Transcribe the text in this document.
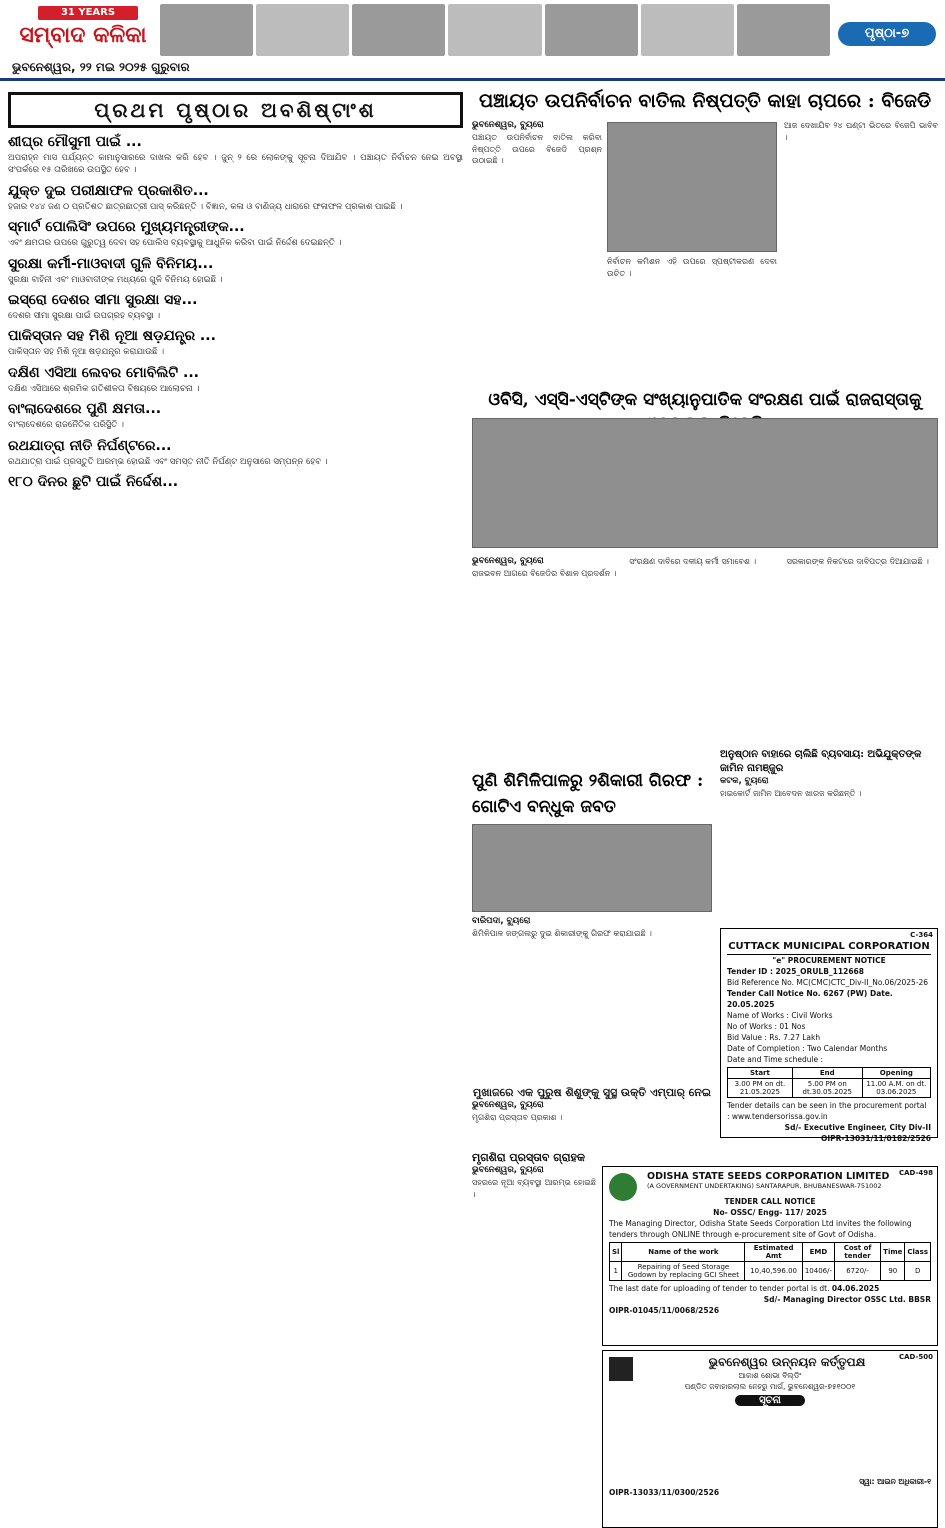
31 YEARS
ସମ୍ବାଦ କଳିକା
ଭୁବନେଶ୍ୱର, ୨୨ ମଇ ୨୦୨୫ ଗୁରୁବାର
ପୃଷ୍ଠା-୭
ପ୍ରଥମ ପୃଷ୍ଠାର ଅବଶିଷ୍ଟାଂଶ
ଶୀଘ୍ର ମୌସୁମୀ ପାଇଁ ...
ଅପରାହ୍ନ ମାସ ପର୍ଯ୍ୟନ୍ତ କାମାନୁସାରରେ ଦାଖଲ କରି ହେବ । ଜୁନ୍ ୨ ରେ ଲୋକଙ୍କୁ ସୂଚନା ଦିଆଯିବ । ପଞ୍ଚାୟତ ନିର୍ବାଚନ ନେଇ ଅବସ୍ଥା ସଂପର୍କରେ ୧୫ ତାରିଖରେ ଉପସ୍ଥିତ ହେବ ।
ଯୁକ୍ତ ଦୁଇ ପରୀକ୍ଷାଫଳ ପ୍ରକାଶିତ...
ହଜାର ୧୪୪ ଜଣ ୦ ପ୍ରତିଶତ ଛାତ୍ରଛାତ୍ରୀ ପାସ୍ କରିଛନ୍ତି । ବିଜ୍ଞାନ, କଳା ଓ ବାଣିଜ୍ୟ ଧାରାରେ ଫଳାଫଳ ପ୍ରକାଶ ପାଇଛି ।
ସ୍ମାର୍ଟ ପୋଲିସିଂ ଉପରେ ମୁଖ୍ୟମନ୍ତ୍ରୀଙ୍କ...
ଏବଂ କ୍ଷମତାର ଉପରେ ଗୁରୁତ୍ୱ ଦେବା ସହ ପୋଲିସ ବ୍ୟବସ୍ଥାକୁ ଆଧୁନିକ କରିବା ପାଇଁ ନିର୍ଦ୍ଦେଶ ଦେଇଛନ୍ତି ।
ସୁରକ୍ଷା କର୍ମୀ-ମାଓବାଦୀ ଗୁଳି ବିନିମୟ...
ସୁରକ୍ଷା ବାହିନୀ ଏବଂ ମାଓବାଦୀଙ୍କ ମଧ୍ୟରେ ଗୁଳି ବିନିମୟ ହୋଇଛି ।
ଇସ୍ରୋ ଦେଶର ସୀମା ସୁରକ୍ଷା ସହ...
ଦେଶର ସୀମା ସୁରକ୍ଷା ପାଇଁ ଉପଗ୍ରହ ବ୍ୟବସ୍ଥା ।
ପାକିସ୍ତାନ ସହ ମିଶି ନୂଆ ଷଡ଼ଯନ୍ତ୍ର ...
ପାକିସ୍ତାନ ସହ ମିଶି ନୂଆ ଷଡ଼ଯନ୍ତ୍ର କରାଯାଉଛି ।
ଦକ୍ଷିଣ ଏସିଆ ଲେବର ମୋବିଲିଟି ...
ଦକ୍ଷିଣ ଏସିଆରେ ଶ୍ରମିକ ଗତିଶୀଳତା ବିଷୟରେ ଆଲୋଚନା ।
ବାଂଲାଦେଶରେ ପୁଣି କ୍ଷମତା...
ବାଂଲାଦେଶରେ ରାଜନୈତିକ ପରିସ୍ଥିତି ।
ରଥଯାତ୍ରା ନୀତି ନିର୍ଘଣ୍ଟରେ...
ରଥଯାତ୍ରା ପାଇଁ ପ୍ରସ୍ତୁତି ଆରମ୍ଭ ହୋଇଛି ଏବଂ ସମସ୍ତ ନୀତି ନିର୍ଘଣ୍ଟ ଅନୁସାରେ ସମ୍ପନ୍ନ ହେବ ।
୧୮୦ ଦିନର ଛୁଟି ପାଇଁ ନିର୍ଦ୍ଦେଶ...
ପଞ୍ଚାୟତ ଉପନିର୍ବାଚନ ବାତିଲ ନିଷ୍ପତ୍ତି କାହା ଚାପରେ : ବିଜେଡି
ଭୁବନେଶ୍ୱର, ବ୍ୟୁରୋ
ପଞ୍ଚାୟତ ଉପନିର୍ବାଚନ ବାତିଲ କରିବା ନିଷ୍ପତ୍ତି ଉପରେ ବିଜେଡି ପ୍ରଶ୍ନ ଉଠାଇଛି ।
ନିର୍ବାଚନ କମିଶନ ଏହି ଉପରେ ସ୍ପଷ୍ଟୀକରଣ ଦେବା ଉଚିତ ।
ଆଜ ଦେଖାଯିବ ୨୪ ଘଣ୍ଟା ଭିତରେ ବିଜେପି ଭାବିବ ।
ଓବିସି, ଏସ୍ସି-ଏସ୍ଟିଙ୍କ ସଂଖ୍ୟାନୁପାତିକ ସଂରକ୍ଷଣ ପାଇଁ ରାଜରାସ୍ତାକୁ
ଭୁବନେଶ୍ୱର, ବ୍ୟୁରୋ
ରାଜଭବନ ଆଗରେ ବିଜେଡିର ବିଶାଳ ପ୍ରଦର୍ଶନ ।
ସଂରକ୍ଷଣ ଦାବିରେ ଦଳୀୟ କର୍ମୀ ସମାବେଶ ।	ସରକାରଙ୍କ ନିକଟରେ ଦାବିପତ୍ର ଦିଆଯାଇଛି ।
ଅନୁଷ୍ଠାନ ବାହାରେ ଚାଲିଛି ବ୍ୟବସାୟ: ଅଭିଯୁକ୍ତଙ୍କ ଜାମିନ ନାମଞ୍ଜୁର
କଟକ, ବ୍ୟୁରୋ
ହାଇକୋର୍ଟ ଜାମିନ ଆବେଦନ ଖାରଜ କରିଛନ୍ତି ।
ପୁଣି ଶିମିଳିପାଳରୁ ୨ଶିକାରୀ ଗିରଫ : ଗୋଟିଏ ବନ୍ଧୁକ ଜବତ
ବାରିପଦା, ବ୍ୟୁରୋ
ଶିମିଳିପାଳ ଜଙ୍ଗଲରୁ ଦୁଇ ଶିକାରୀଙ୍କୁ ଗିରଫ କରାଯାଇଛି ।
ମୁଖାଜରେ ଏକ ପୁରୁଷ ଶିଶୁଙ୍କୁ ସୁସ୍ଥ ଉକ୍ତି ଏମ୍ପାର୍ ନେଇ
ଭୁବନେଶ୍ୱର, ବ୍ୟୁରୋ
ମୃଗଶିରା ପ୍ରସ୍ତାବ ପ୍ରକାଶ ।
C-364
CUTTACK MUNICIPAL CORPORATION
"e" PROCUREMENT NOTICE
Tender ID : 2025_ORULB_112668
Bid Reference No. MC(CMC)CTC_Div-II_No.06/2025-26
Tender Call Notice No. 6267 (PW) Date. 20.05.2025
Name of Works : Civil Works
No of Works : 01 Nos
Bid Value : Rs. 7.27 Lakh
Date of Completion : Two Calendar Months
Date and Time schedule :
Start	End	Opening
3.00 PM on dt. 21.05.2025	5.00 PM on dt.30.05.2025	11.00 A.M. on dt. 03.06.2025
Tender details can be seen in the procurement portal : www.tendersorissa.gov.in
Sd/- Executive Engineer, City Div-II
OIPR-13031/11/0182/2526
ମୃଗଶିରା ପ୍ରସ୍ତାବ ଗ୍ରାହକ
ଭୁବନେଶ୍ୱର, ବ୍ୟୁରୋ
ସହରରେ ନୂଆ ବ୍ୟବସ୍ଥା ଆରମ୍ଭ ହୋଇଛି ।
CAD-498
ODISHA STATE SEEDS CORPORATION LIMITED
(A GOVERNMENT UNDERTAKING) SANTARAPUR, BHUBANESWAR-751002
TENDER CALL NOTICE
No- OSSC/ Engg- 117/ 2025
The Managing Director, Odisha State Seeds Corporation Ltd invites the following tenders through ONLINE through e-procurement site of Govt of Odisha.
Sl	Name of the work	Estimated Amt	EMD	Cost of tender	Time	Class
1	Repairing of Seed Storage Godown by replacing GCI Sheet	10,40,596.00	10406/-	6720/-	90	D
The last date for uploading of tender to tender portal is dt. 04.06.2025
Sd/- Managing Director OSSC Ltd. BBSR
OIPR-01045/11/0068/2526
CAD-500
ଭୁବନେଶ୍ୱର ଉନ୍ନୟନ କର୍ତ୍ତୃପକ୍ଷ
ଆକାଶ ଶୋଭା ବିଲ୍ଡିଂ
ପଣ୍ଡିତ ଜବାହାରଲାଲ ନେହରୁ ମାର୍ଗ, ଭୁବନେଶ୍ୱର-୭୫୧୦୦୧
ସୂଚନା
ସ୍ୱା: ଆଇନ ଅଧିକାରୀ-୧
OIPR-13033/11/0300/2526
